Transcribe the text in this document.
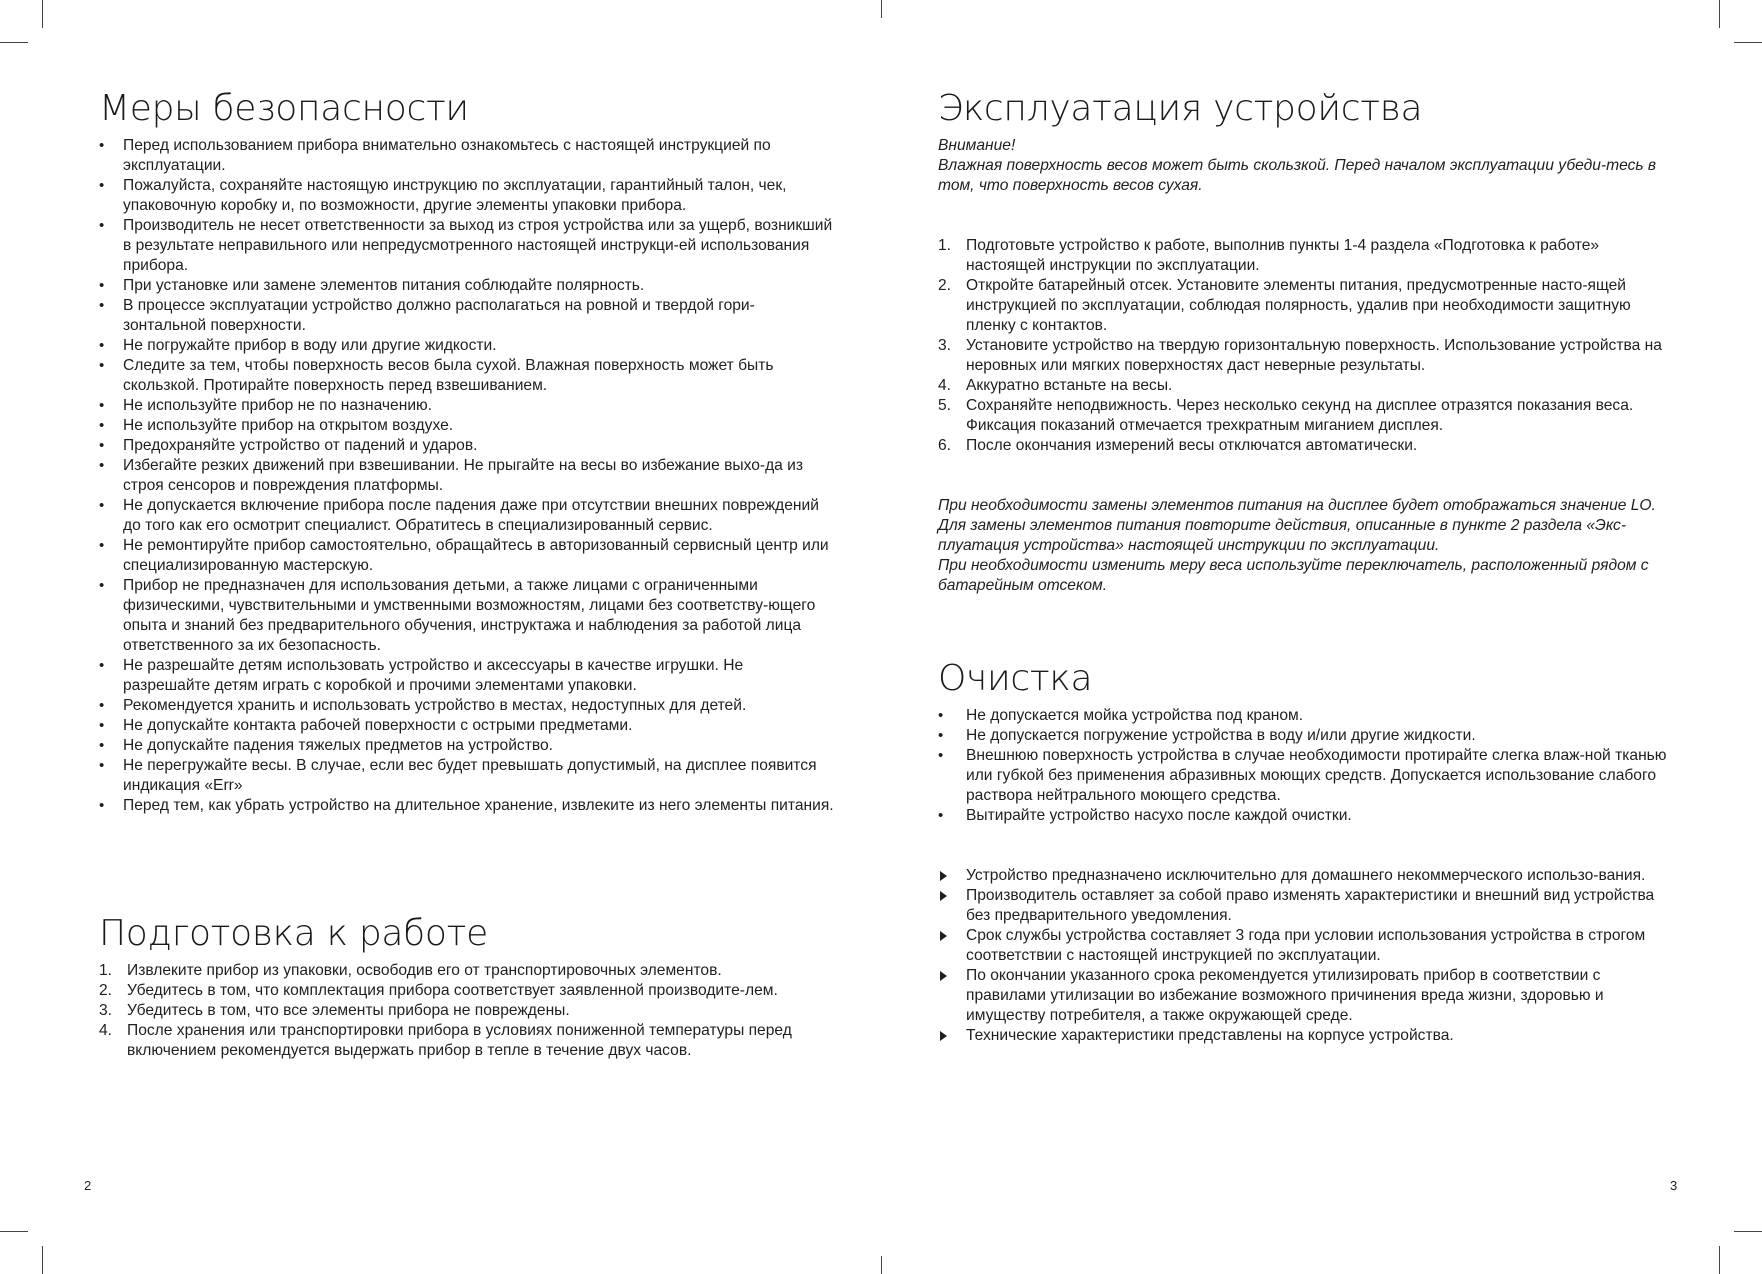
Меры безопасности
• Перед использованием прибора внимательно ознакомьтесь с настоящей инструкцией по эксплуатации.
• Пожалуйста, сохраняйте настоящую инструкцию по эксплуатации, гарантийный талон, чек, упаковочную коробку и, по возможности, другие элементы упаковки прибора.
• Производитель не несет ответственности за выход из строя устройства или за ущерб, возникший в результате неправильного или непредусмотренного настоящей инструкци-ей использования прибора.
• При установке или замене элементов питания соблюдайте полярность.
• В процессе эксплуатации устройство должно располагаться на ровной и твердой гори-зонтальной поверхности.
• Не погружайте прибор в воду или другие жидкости.
• Следите за тем, чтобы поверхность весов была сухой. Влажная поверхность может быть скользкой. Протирайте поверхность перед взвешиванием.
• Не используйте прибор не по назначению.
• Не используйте прибор на открытом воздухе.
• Предохраняйте устройство от падений и ударов.
• Избегайте резких движений при взвешивании. Не прыгайте на весы во избежание выхо-да из строя сенсоров и повреждения платформы.
• Не допускается включение прибора после падения даже при отсутствии внешних повреждений до того как его осмотрит специалист. Обратитесь в специализированный сервис.
• Не ремонтируйте прибор самостоятельно, обращайтесь в авторизованный сервисный центр или специализированную мастерскую.
• Прибор не предназначен для использования детьми, а также лицами с ограниченными физическими, чувствительными и умственными возможностям, лицами без соответству-ющего опыта и знаний без предварительного обучения, инструктажа и наблюдения за работой лица ответственного за их безопасность.
• Не разрешайте детям использовать устройство и аксессуары в качестве игрушки. Не разрешайте детям играть с коробкой и прочими элементами упаковки.
• Рекомендуется хранить и использовать устройство в местах, недоступных для детей.
• Не допускайте контакта рабочей поверхности с острыми предметами.
• Не допускайте падения тяжелых предметов на устройство.
• Не перегружайте весы. В случае, если вес будет превышать допустимый, на дисплее появится индикация «Err»
• Перед тем, как убрать устройство на длительное хранение, извлеките из него элементы питания.
Подготовка к работе
1. Извлеките прибор из упаковки, освободив его от транспортировочных элементов.
2. Убедитесь в том, что комплектация прибора соответствует заявленной производите-лем.
3. Убедитесь в том, что все элементы прибора не повреждены.
4. После хранения или транспортировки прибора в условиях пониженной температуры перед включением рекомендуется выдержать прибор в тепле в течение двух часов.
2
Эксплуатация устройства

Внимание!

Влажная поверхность весов может быть скользкой. Перед началом эксплуатации убеди-тесь в том, что поверхность весов сухая.

1. Подготовьте устройство к работе, выполнив пункты 1-4 раздела «Подготовка к работе» настоящей инструкции по эксплуатации.
2. Откройте батарейный отсек. Установите элементы питания, предусмотренные насто-ящей инструкцией по эксплуатации, соблюдая полярность, удалив при необходимости защитную пленку с контактов.
3. Установите устройство на твердую горизонтальную поверхность. Использование устройства на неровных или мягких поверхностях даст неверные результаты.
4. Аккуратно встаньте на весы.
5. Сохраняйте неподвижность. Через несколько секунд на дисплее отразятся показания веса. Фиксация показаний отмечается трехкратным миганием дисплея.
6. После окончания измерений весы отключатся автоматически.

При необходимости замены элементов питания на дисплее будет отображаться значение LO.

Для замены элементов питания повторите действия, описанные в пункте 2 раздела «Экс-плуатация устройства» настоящей инструкции по эксплуатации.

При необходимости изменить меру веса используйте переключатель, расположенный рядом с батарейным отсеком.

Очистка
• Не допускается мойка устройства под краном.
• Не допускается погружение устройства в воду и/или другие жидкости.
• Внешнюю поверхность устройства в случае необходимости протирайте слегка влаж-ной тканью или губкой без применения абразивных моющих средств. Допускается использование слабого раствора нейтрального моющего средства.
• Вытирайте устройство насухо после каждой очистки.
Устройство предназначено исключительно для домашнего некоммерческого использо-вания.
Производитель оставляет за собой право изменять характеристики и внешний вид устройства без предварительного уведомления.
Срок службы устройства составляет 3 года при условии использования устройства в строгом соответствии с настоящей инструкцией по эксплуатации.
По окончании указанного срока рекомендуется утилизировать прибор в соответствии с правилами утилизации во избежание возможного причинения вреда жизни, здоровью и имуществу потребителя, а также окружающей среде.
Технические характеристики представлены на корпусе устройства.
3
